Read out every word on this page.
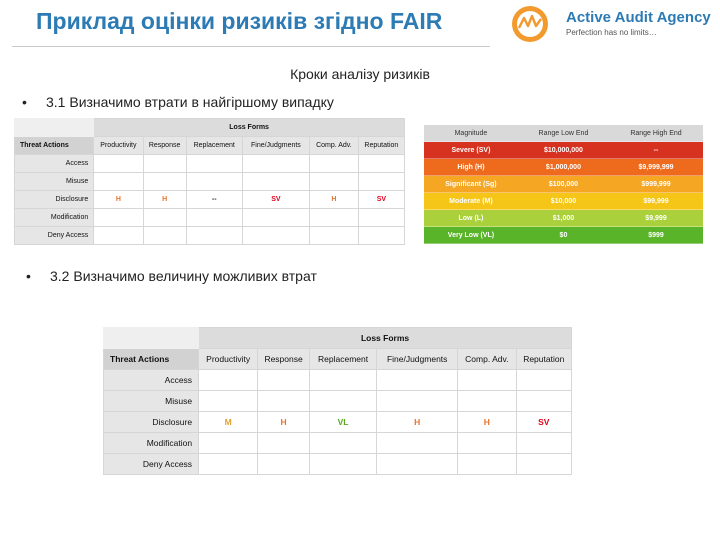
Приклад оцінки ризиків згідно FAIR	Active Audit Agency
Perfection has no limits…
Кроки аналізу ризиків
• 3.1 Визначимо втрати в найгіршому випадку
	Loss Forms					
Threat Actions	Productivity	Response	Replacement	Fine/Judgments	Comp. Adv.	Reputation
Access						
Misuse						
Disclosure	H	H	--	SV	H	SV
Modification						
Deny Access						
Magnitude	Range Low End	Range High End
Severe (SV)	$10,000,000	--
High (H)	$1,000,000	$9,999,999
Significant (Sg)	$100,000	$999,999
Moderate (M)	$10,000	$99,999
Low (L)	$1,000	$9,999
Very Low (VL)	$0	$999
• 3.2 Визначимо величину можливих втрат
	Loss Forms					
Threat Actions	Productivity	Response	Replacement	Fine/Judgments	Comp. Adv.	Reputation
Access						
Misuse						
Disclosure	M	H	VL	H	H	SV
Modification						
Deny Access						
